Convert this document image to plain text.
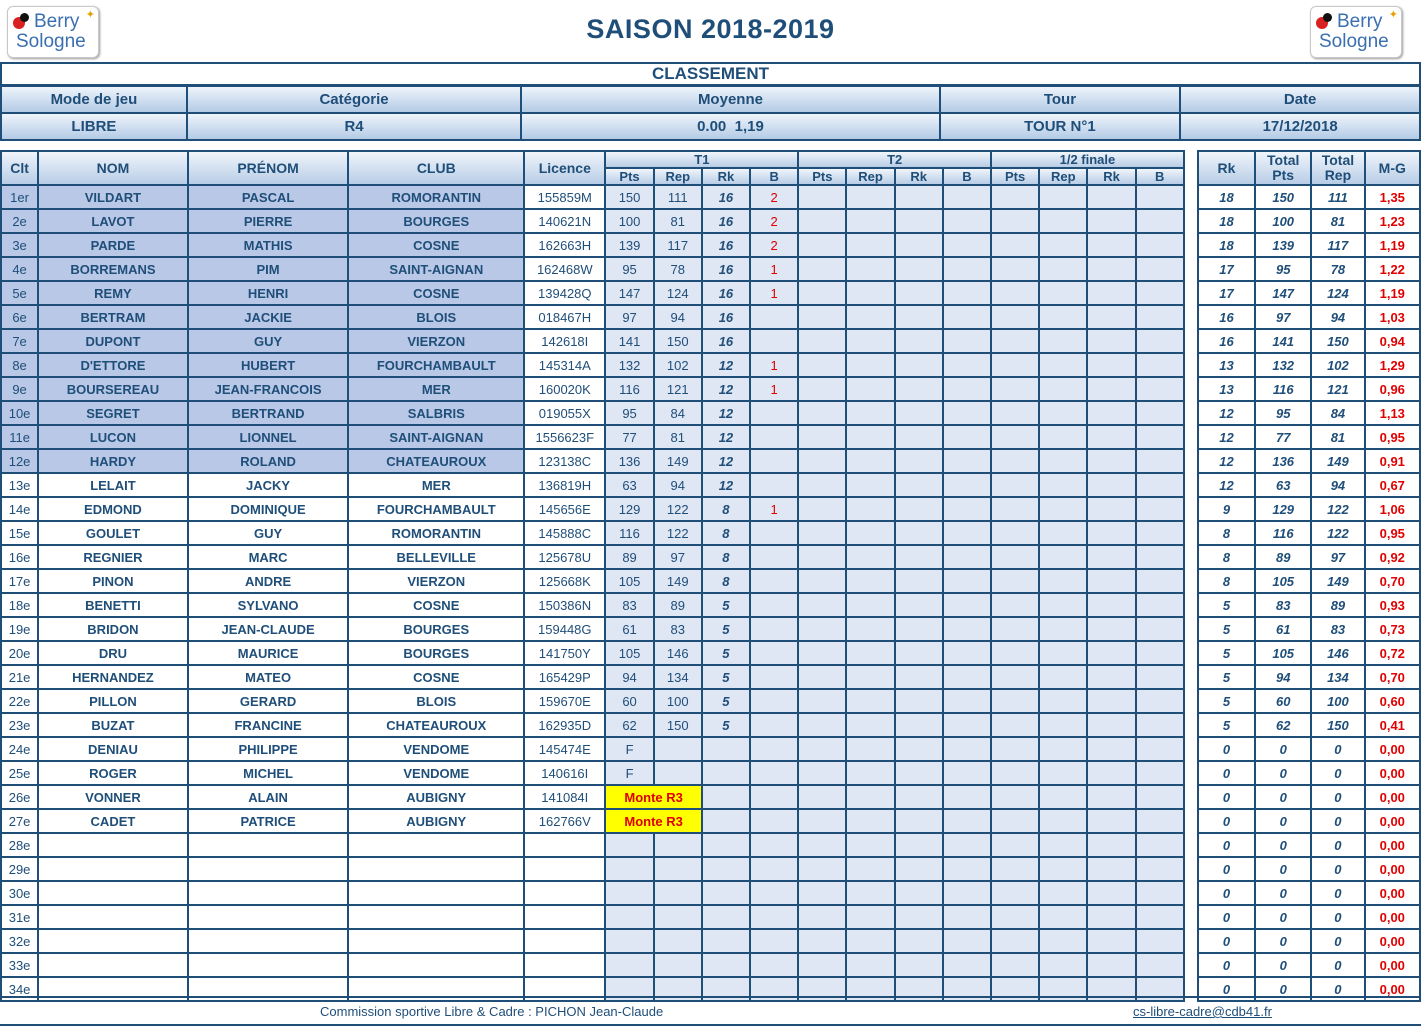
Berry
Sologne
✦	SAISON 2018-2019	Berry
Sologne
✦
CLASSEMENT
Mode de jeu	Catégorie	Moyenne	Tour	Date
LIBRE	R4	0.00  1,19	TOUR N°1	17/12/2018
Clt	NOM	PRÉNOM	CLUB	Licence	T1				T2				1/2 finale					Rk	Total Pts	Total Rep	M-G
					Pts	Rep	Rk	B	Pts	Rep	Rk	B	Pts	Rep	Rk	B					
1er	VILDART	PASCAL	ROMORANTIN	155859M	150	111	16	2										18	150	111	1,35
2e	LAVOT	PIERRE	BOURGES	140621N	100	81	16	2										18	100	81	1,23
3e	PARDE	MATHIS	COSNE	162663H	139	117	16	2										18	139	117	1,19
4e	BORREMANS	PIM	SAINT-AIGNAN	162468W	95	78	16	1										17	95	78	1,22
5e	REMY	HENRI	COSNE	139428Q	147	124	16	1										17	147	124	1,19
6e	BERTRAM	JACKIE	BLOIS	018467H	97	94	16											16	97	94	1,03
7e	DUPONT	GUY	VIERZON	142618I	141	150	16											16	141	150	0,94
8e	D'ETTORE	HUBERT	FOURCHAMBAULT	145314A	132	102	12	1										13	132	102	1,29
9e	BOURSEREAU	JEAN-FRANCOIS	MER	160020K	116	121	12	1										13	116	121	0,96
10e	SEGRET	BERTRAND	SALBRIS	019055X	95	84	12											12	95	84	1,13
11e	LUCON	LIONNEL	SAINT-AIGNAN	1556623F	77	81	12											12	77	81	0,95
12e	HARDY	ROLAND	CHATEAUROUX	123138C	136	149	12											12	136	149	0,91
13e	LELAIT	JACKY	MER	136819H	63	94	12											12	63	94	0,67
14e	EDMOND	DOMINIQUE	FOURCHAMBAULT	145656E	129	122	8	1										9	129	122	1,06
15e	GOULET	GUY	ROMORANTIN	145888C	116	122	8											8	116	122	0,95
16e	REGNIER	MARC	BELLEVILLE	125678U	89	97	8											8	89	97	0,92
17e	PINON	ANDRE	VIERZON	125668K	105	149	8											8	105	149	0,70
18e	BENETTI	SYLVANO	COSNE	150386N	83	89	5											5	83	89	0,93
19e	BRIDON	JEAN-CLAUDE	BOURGES	159448G	61	83	5											5	61	83	0,73
20e	DRU	MAURICE	BOURGES	141750Y	105	146	5											5	105	146	0,72
21e	HERNANDEZ	MATEO	COSNE	165429P	94	134	5											5	94	134	0,70
22e	PILLON	GERARD	BLOIS	159670E	60	100	5											5	60	100	0,60
23e	BUZAT	FRANCINE	CHATEAUROUX	162935D	62	150	5											5	62	150	0,41
24e	DENIAU	PHILIPPE	VENDOME	145474E	F													0	0	0	0,00
25e	ROGER	MICHEL	VENDOME	140616I	F													0	0	0	0,00
26e	VONNER	ALAIN	AUBIGNY	141084I	Monte R3													0	0	0	0,00
27e	CADET	PATRICE	AUBIGNY	162766V	Monte R3													0	0	0	0,00
28e																		0	0	0	0,00
29e																		0	0	0	0,00
30e																		0	0	0	0,00
31e																		0	0	0	0,00
32e																		0	0	0	0,00
33e																		0	0	0	0,00
34e																		0	0	0	0,00
Commission sportive Libre & Cadre : PICHON Jean-Claude	cs-libre-cadre@cdb41.fr
